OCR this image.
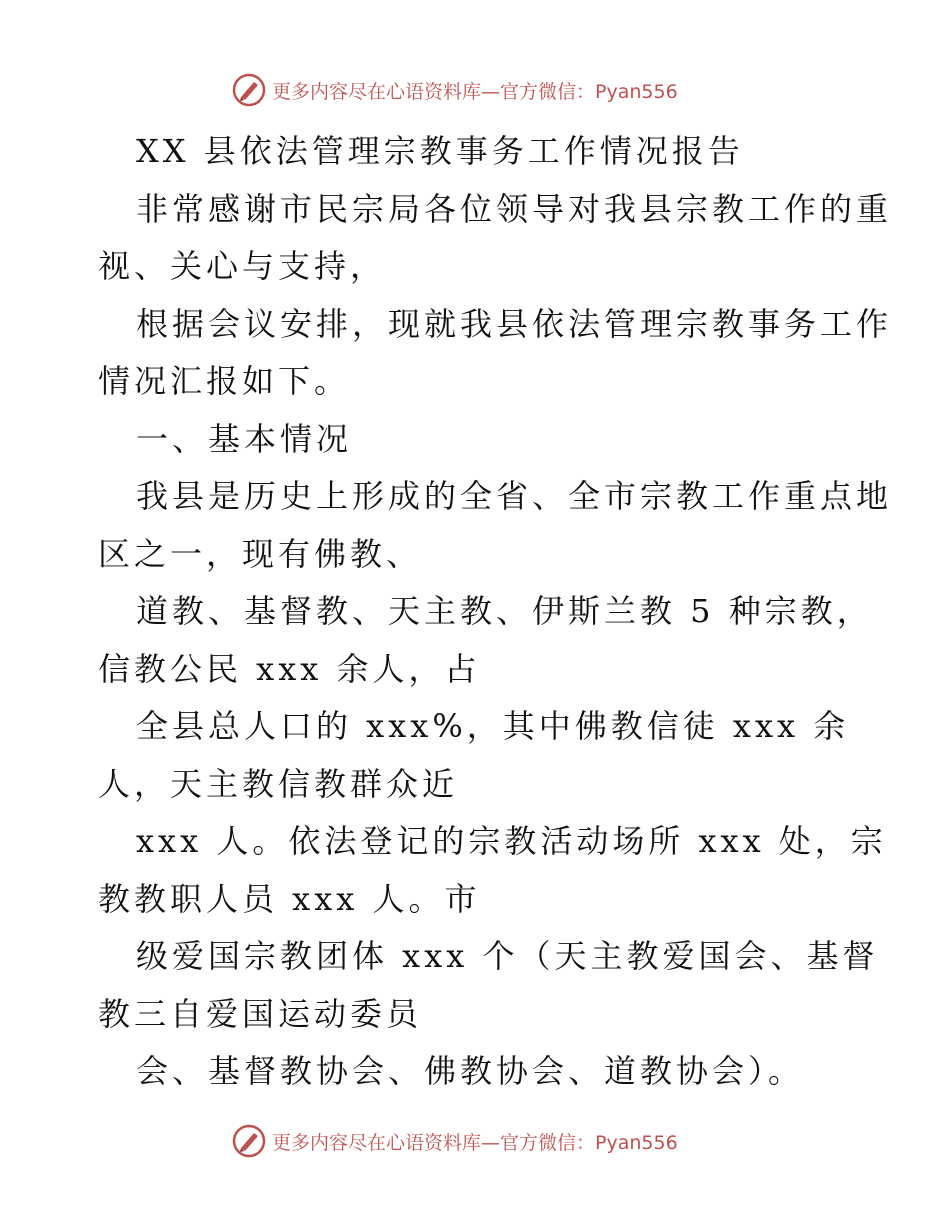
更多内容尽在心语资料库—官方微信：Pyan556
XX 县依法管理宗教事务工作情况报告
非常感谢市民宗局各位领导对我县宗教工作的重
视、关心与支持，
根据会议安排，现就我县依法管理宗教事务工作
情况汇报如下。
一、基本情况
我县是历史上形成的全省、全市宗教工作重点地
区之一，现有佛教、
道教、基督教、天主教、伊斯兰教 5 种宗教，
信教公民 xxx 余人，占
全县总人口的 xxx%，其中佛教信徒 xxx 余
人，天主教信教群众近
xxx 人。依法登记的宗教活动场所 xxx 处，宗
教教职人员 xxx 人。市
级爱国宗教团体 xxx 个（天主教爱国会、基督
教三自爱国运动委员
会、基督教协会、佛教协会、道教协会）。
更多内容尽在心语资料库—官方微信：Pyan556
